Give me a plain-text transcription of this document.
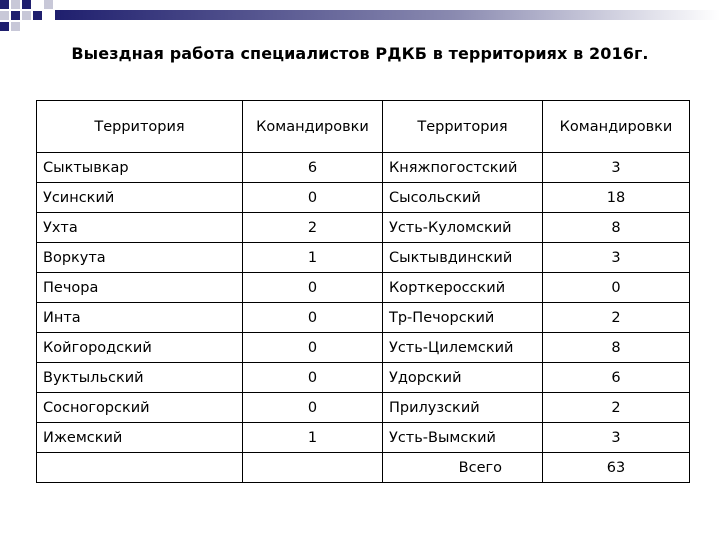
Выездная работа специалистов РДКБ в территориях в 2016г.
Территория	Командировки	Территория	Командировки
Сыктывкар	6	Княжпогостский	3
Усинский	0	Сысольский	18
Ухта	2	Усть-Куломский	8
Воркута	1	Сыктывдинский	3
Печора	0	Корткеросский	0
Инта	0	Тр-Печорский	2
Койгородский	0	Усть-Цилемский	8
Вуктыльский	0	Удорский	6
Сосногорский	0	Прилузский	2
Ижемский	1	Усть-Вымский	3
		Всего	63
